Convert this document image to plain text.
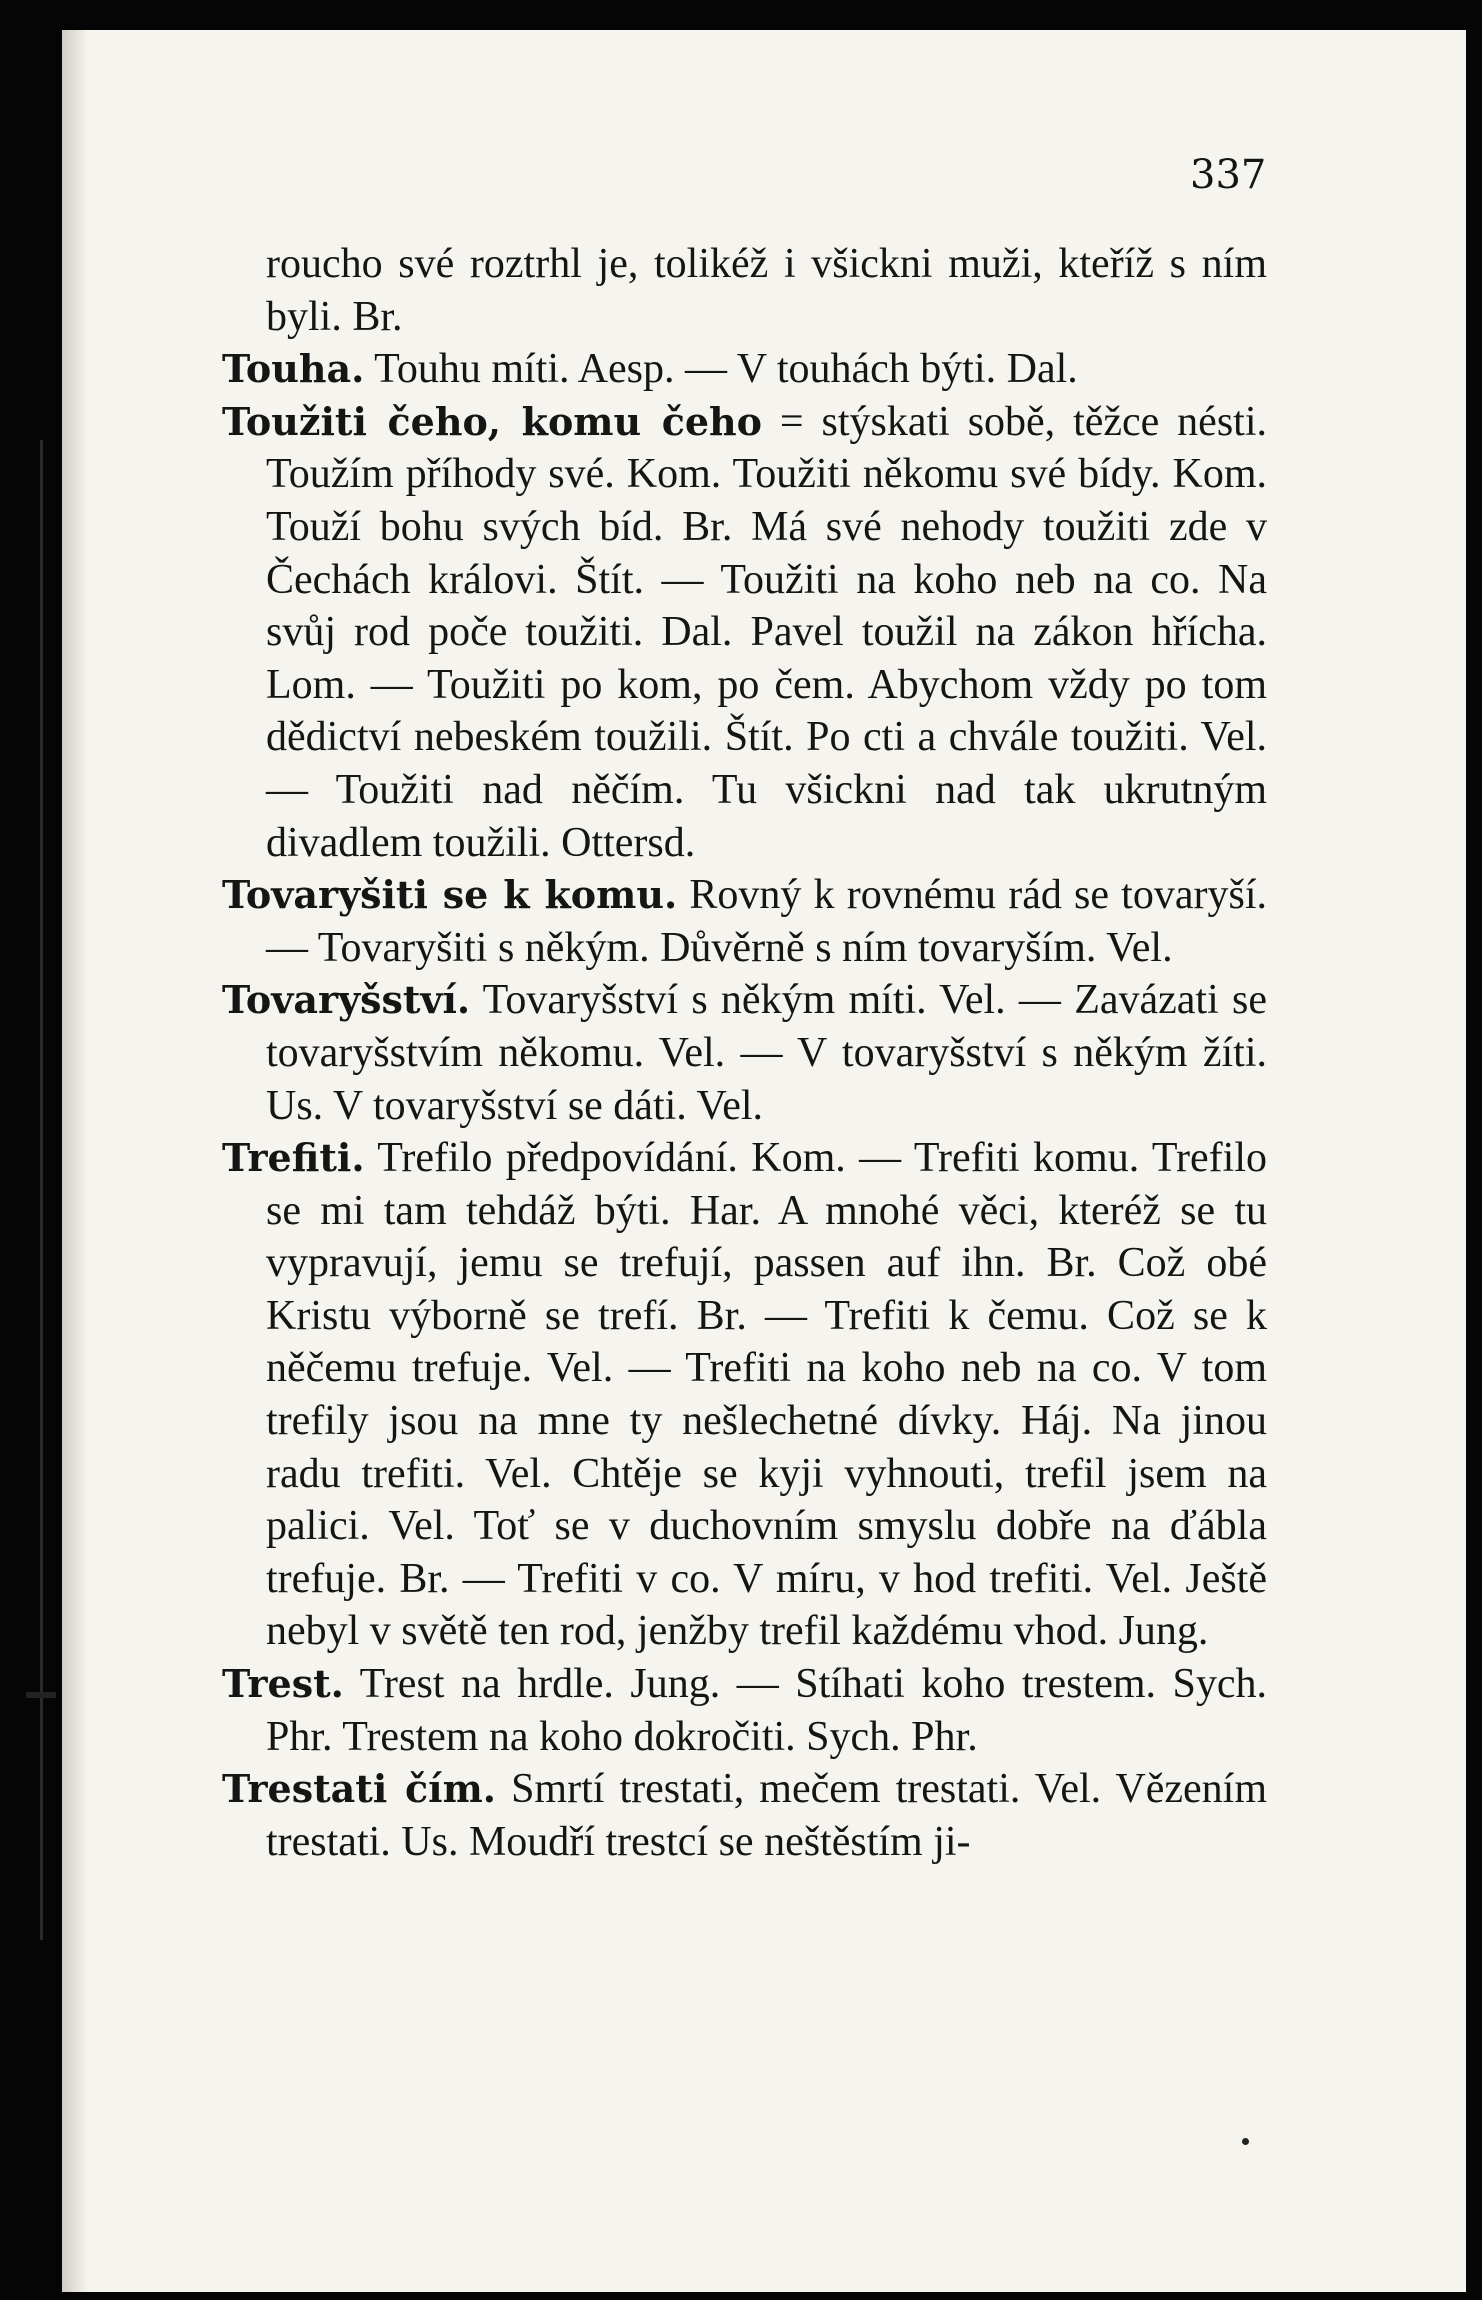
337

roucho své roztrhl je, tolikéž i všickni muži, kteříž s ním byli. Br.

Touha. Touhu míti. Aesp. — V touhách býti. Dal.

Toužiti čeho, komu čeho = stýskati sobě, těžce nésti. Toužím příhody své. Kom. Toužiti někomu své bídy. Kom. Touží bohu svých bíd. Br. Má své nehody toužiti zde v Čechách královi. Štít. — Toužiti na koho neb na co. Na svůj rod poče toužiti. Dal. Pavel toužil na zákon hřícha. Lom. — Toužiti po kom, po čem. Abychom vždy po tom dědictví nebeském toužili. Štít. Po cti a chvále toužiti. Vel. — Toužiti nad něčím. Tu všickni nad tak ukrutným divadlem toužili. Ottersd.

Tovaryšiti se k komu. Rovný k rovnému rád se tovaryší. — Tovaryšiti s někým. Důvěrně s ním tovaryším. Vel.

Tovaryšství. Tovaryšství s někým míti. Vel. — Zavázati se tovaryšstvím někomu. Vel. — V tovaryšství s někým žíti. Us. V tovaryšství se dáti. Vel.

Trefiti. Trefilo předpovídání. Kom. — Trefiti komu. Trefilo se mi tam tehdáž býti. Har. A mnohé věci, kteréž se tu vypravují, jemu se trefují, passen auf ihn. Br. Což obé Kristu výborně se trefí. Br. — Trefiti k čemu. Což se k něčemu trefuje. Vel. — Trefiti na koho neb na co. V tom trefily jsou na mne ty nešlechetné dívky. Háj. Na jinou radu trefiti. Vel. Chtěje se kyji vyhnouti, trefil jsem na palici. Vel. Toť se v duchovním smyslu dobře na ďábla trefuje. Br. — Trefiti v co. V míru, v hod trefiti. Vel. Ještě nebyl v světě ten rod, jenžby trefil každému vhod. Jung.

Trest. Trest na hrdle. Jung. — Stíhati koho trestem. Sych. Phr. Trestem na koho dokročiti. Sych. Phr.

Trestati čím. Smrtí trestati, mečem trestati. Vel. Vězením trestati. Us. Moudří trestcí se neštěstím ji-
